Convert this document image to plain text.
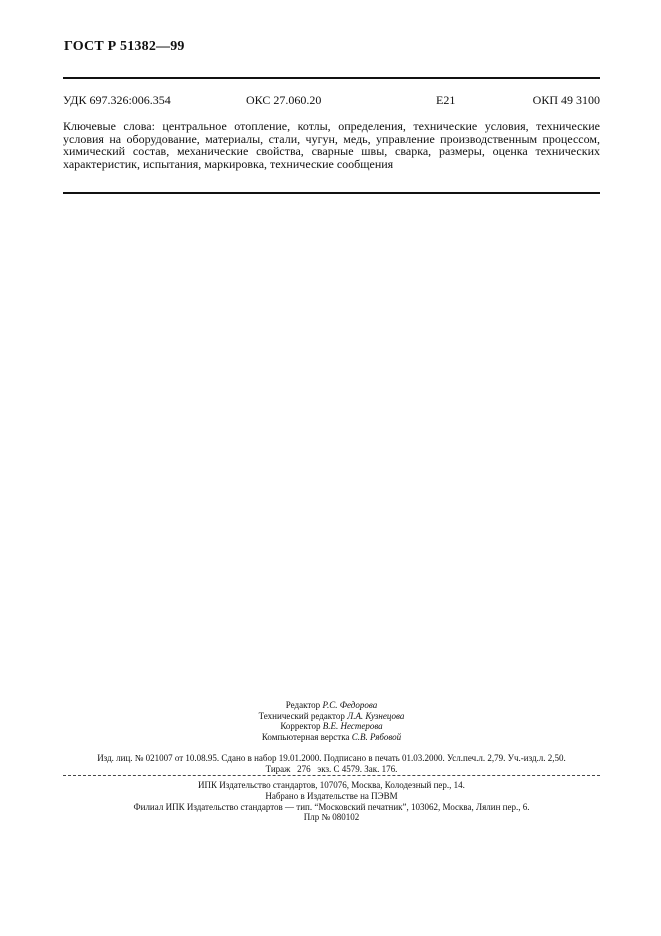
ГОСТ Р 51382—99
УДК 697.326:006.354	ОКС 27.060.20	Е21	ОКП 49 3100
Ключевые слова: центральное отопление, котлы, определения, технические условия, технические условия на оборудование, материалы, стали, чугун, медь, управление производственным процессом, химический состав, механические свойства, сварные швы, сварка, размеры, оценка технических характеристик, испытания, маркировка, технические сообщения
Редактор Р.С. Федорова
Технический редактор Л.А. Кузнецова
Корректор В.Е. Нестерова
Компьютерная верстка С.В. Рябовой
Изд. лиц. № 021007 от 10.08.95. Сдано в набор 19.01.2000. Подписано в печать 01.03.2000. Усл.печ.л. 2,79. Уч.-изд.л. 2,50.
Тираж   276   экз. С 4579. Зак. 176.
ИПК Издательство стандартов, 107076, Москва, Колодезный пер., 14.
Набрано в Издательстве на ПЭВМ
Филиал ИПК Издательство стандартов — тип. “Московский печатник”, 103062, Москва, Лялин пер., 6.
Плр № 080102
